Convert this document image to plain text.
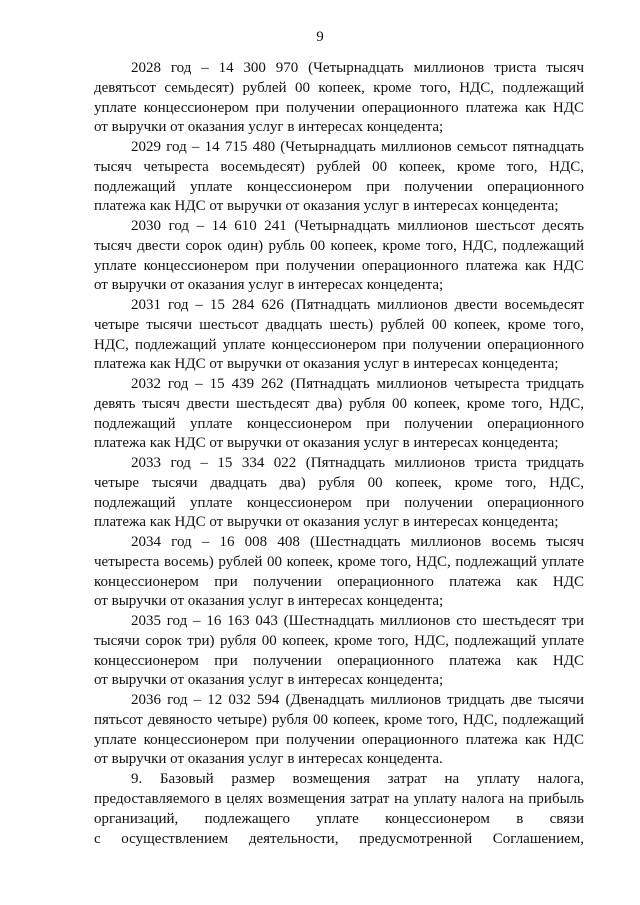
9
2028 год – 14 300 970 (Четырнадцать миллионов триста тысяч
девятьсот семьдесят) рублей 00 копеек, кроме того, НДС, подлежащий
уплате концессионером при получении операционного платежа как НДС
от выручки от оказания услуг в интересах концедента;
2029 год – 14 715 480 (Четырнадцать миллионов семьсот пятнадцать
тысяч четыреста восемьдесят) рублей 00 копеек, кроме того, НДС,
подлежащий уплате концессионером при получении операционного
платежа как НДС от выручки от оказания услуг в интересах концедента;
2030 год – 14 610 241 (Четырнадцать миллионов шестьсот десять
тысяч двести сорок один) рубль 00 копеек, кроме того, НДС, подлежащий
уплате концессионером при получении операционного платежа как НДС
от выручки от оказания услуг в интересах концедента;
2031 год – 15 284 626 (Пятнадцать миллионов двести восемьдесят
четыре тысячи шестьсот двадцать шесть) рублей 00 копеек, кроме того,
НДС, подлежащий уплате концессионером при получении операционного
платежа как НДС от выручки от оказания услуг в интересах концедента;
2032 год – 15 439 262 (Пятнадцать миллионов четыреста тридцать
девять тысяч двести шестьдесят два) рубля 00 копеек, кроме того, НДС,
подлежащий уплате концессионером при получении операционного
платежа как НДС от выручки от оказания услуг в интересах концедента;
2033 год – 15 334 022 (Пятнадцать миллионов триста тридцать
четыре тысячи двадцать два) рубля 00 копеек, кроме того, НДС,
подлежащий уплате концессионером при получении операционного
платежа как НДС от выручки от оказания услуг в интересах концедента;
2034 год – 16 008 408 (Шестнадцать миллионов восемь тысяч
четыреста восемь) рублей 00 копеек, кроме того, НДС, подлежащий уплате
концессионером при получении операционного платежа как НДС
от выручки от оказания услуг в интересах концедента;
2035 год – 16 163 043 (Шестнадцать миллионов сто шестьдесят три
тысячи сорок три) рубля 00 копеек, кроме того, НДС, подлежащий уплате
концессионером при получении операционного платежа как НДС
от выручки от оказания услуг в интересах концедента;
2036 год – 12 032 594 (Двенадцать миллионов тридцать две тысячи
пятьсот девяносто четыре) рубля 00 копеек, кроме того, НДС, подлежащий
уплате концессионером при получении операционного платежа как НДС
от выручки от оказания услуг в интересах концедента.
9. Базовый размер возмещения затрат на уплату налога,
предоставляемого в целях возмещения затрат на уплату налога на прибыль
организаций, подлежащего уплате концессионером в связи
с осуществлением деятельности, предусмотренной Соглашением,
